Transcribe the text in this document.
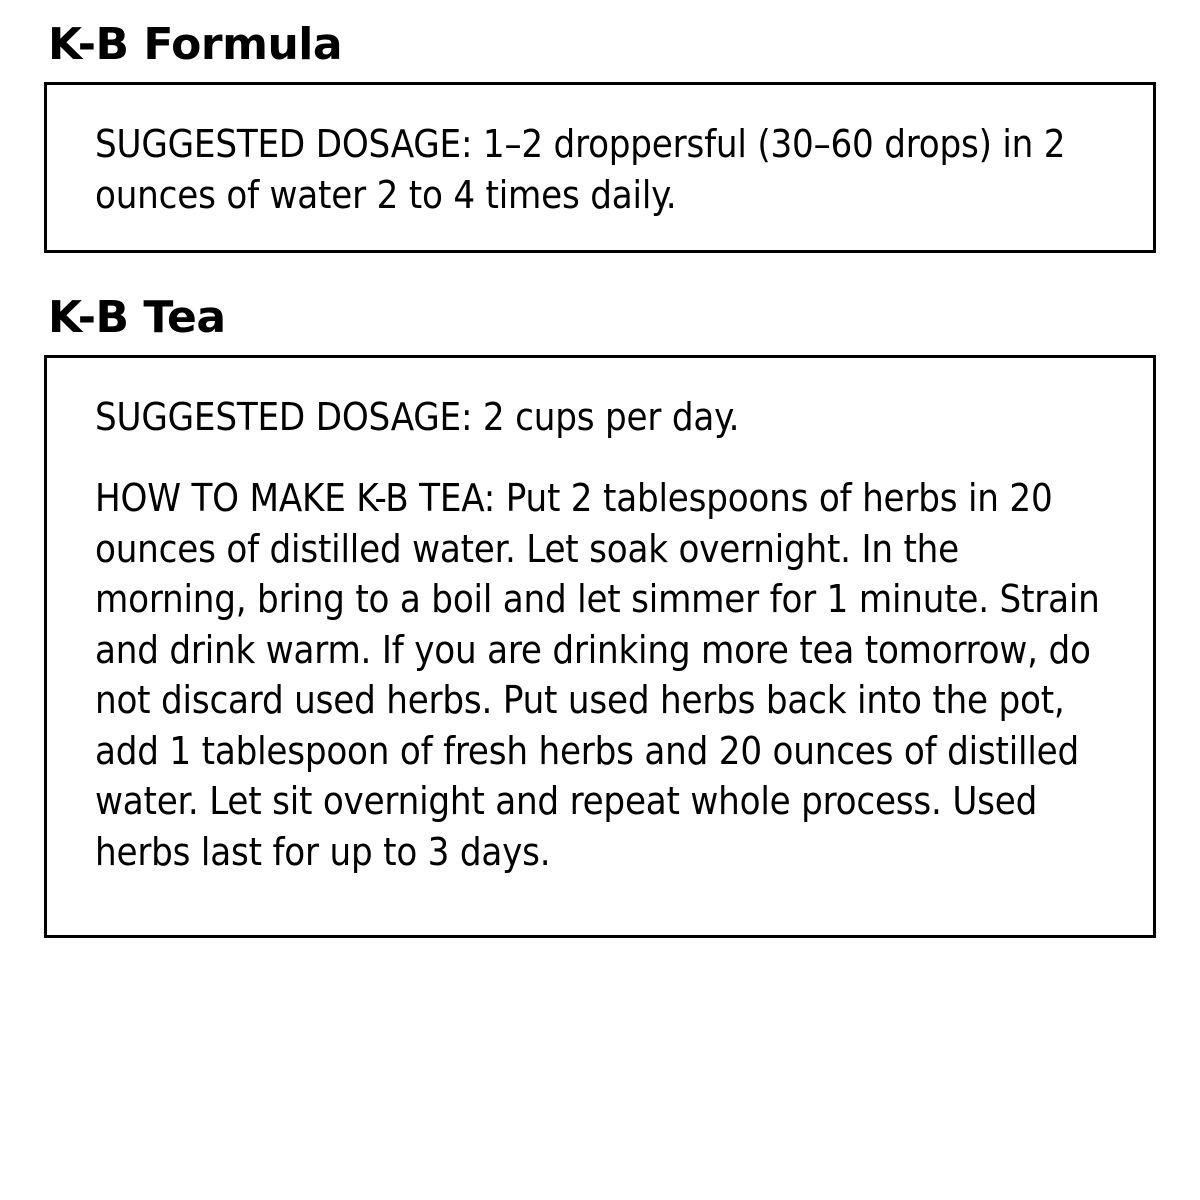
K-B Formula

SUGGESTED DOSAGE: 1–2 droppersful (30–60 drops) in 2 ounces of water 2 to 4 times daily.

K-B Tea

SUGGESTED DOSAGE: 2 cups per day.

HOW TO MAKE K-B TEA: Put 2 tablespoons of herbs in 20 ounces of distilled water. Let soak overnight. In the morning, bring to a boil and let simmer for 1 minute. Strain and drink warm. If you are drinking more tea tomorrow, do not discard used herbs. Put used herbs back into the pot, add 1 tablespoon of fresh herbs and 20 ounces of distilled water. Let sit overnight and repeat whole process. Used herbs last for up to 3 days.
